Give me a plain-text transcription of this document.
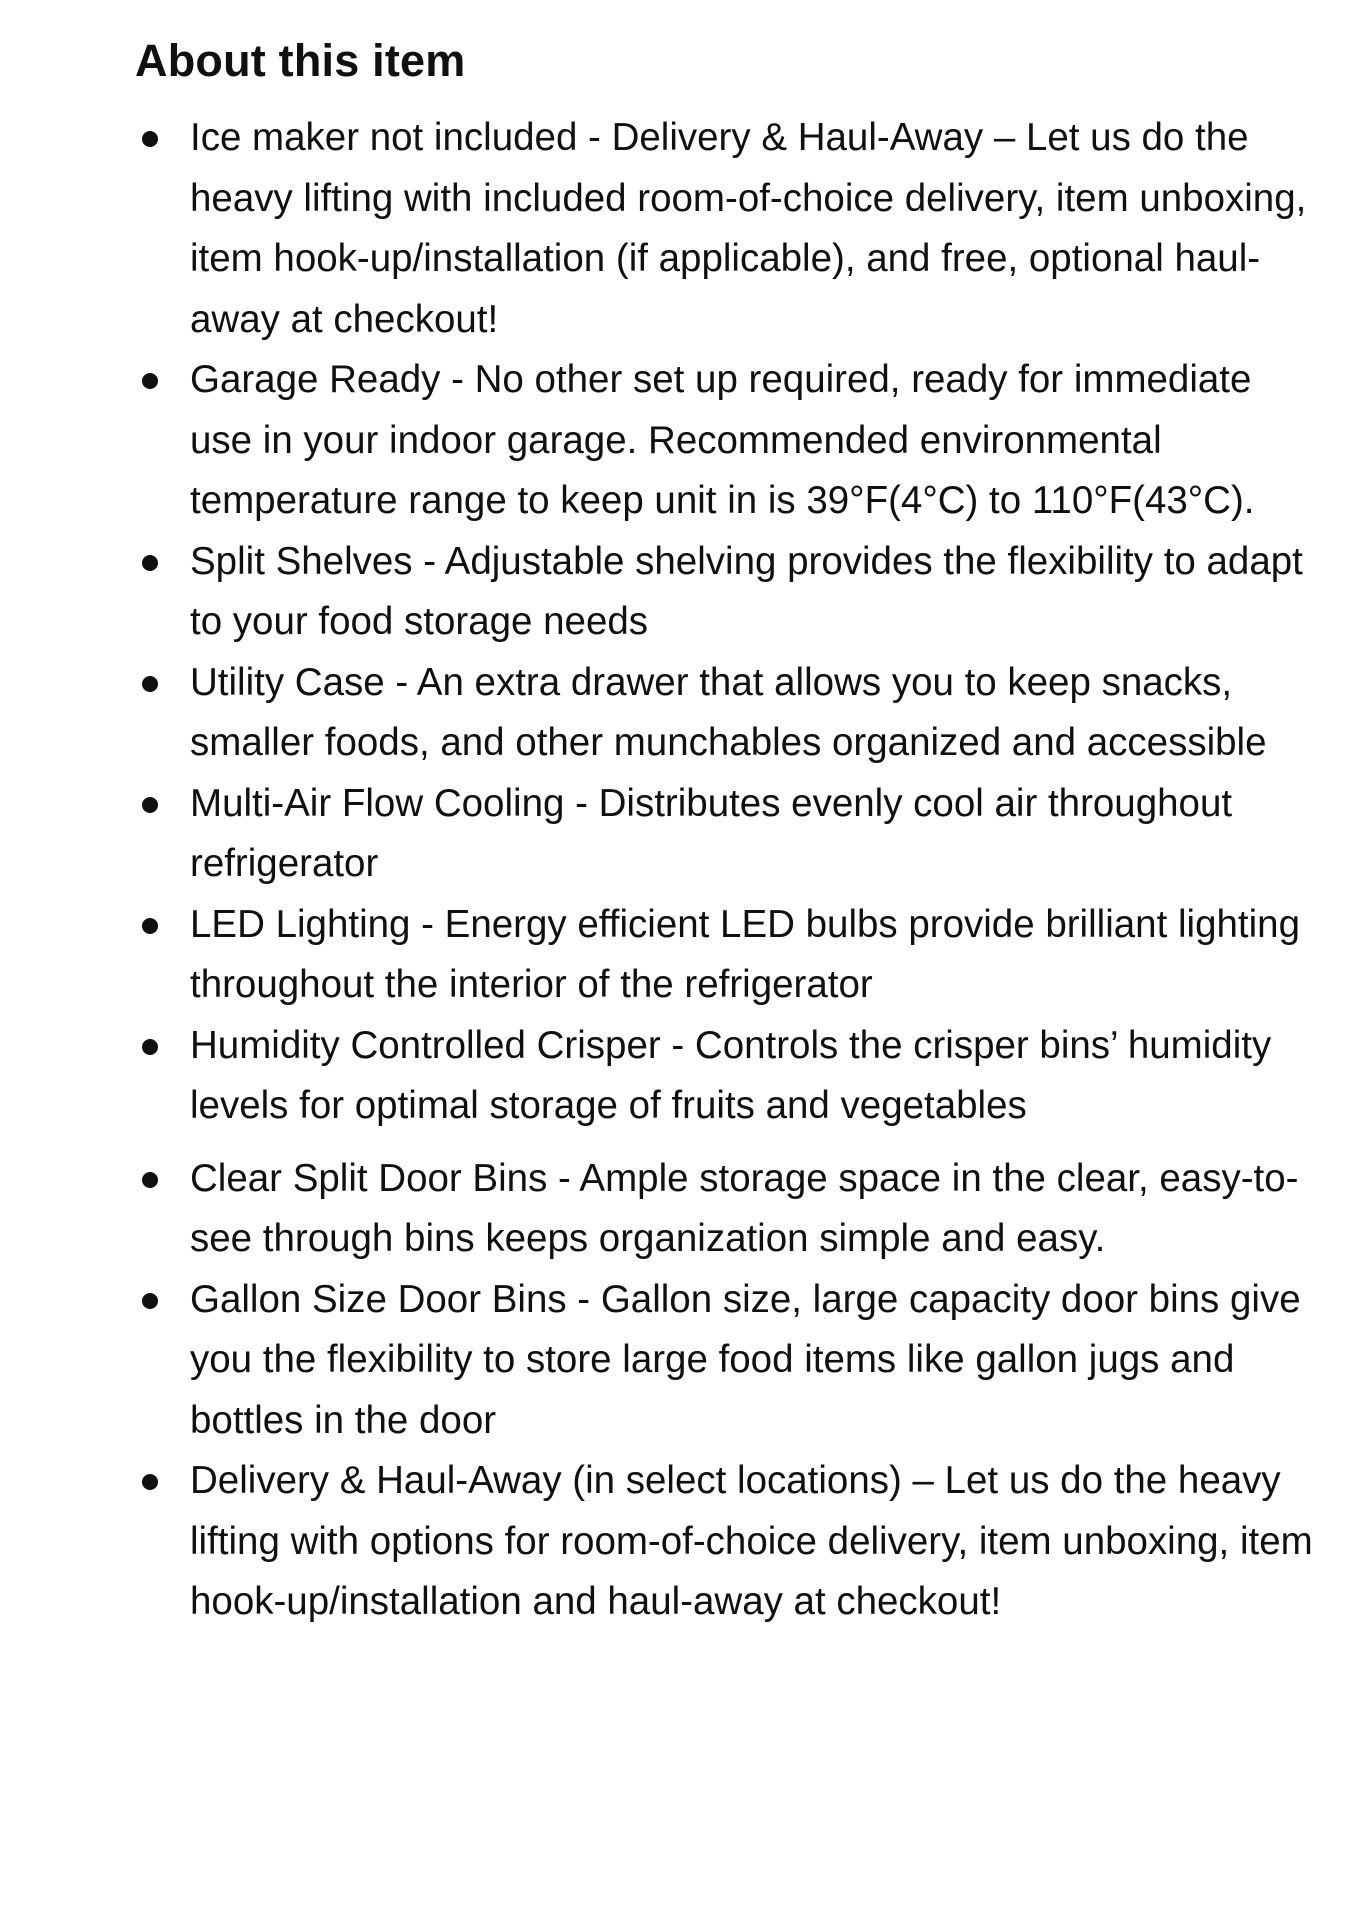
About this item
Ice maker not included - Delivery & Haul-Away – Let us do the heavy lifting with included room-of-choice delivery, item unboxing, item hook-up/installation (if applicable), and free, optional haul-away at checkout!
Garage Ready - No other set up required, ready for immediate use in your indoor garage. Recommended environmental temperature range to keep unit in is 39°F(4°C) to 110°F(43°C).
Split Shelves - Adjustable shelving provides the flexibility to adapt to your food storage needs
Utility Case - An extra drawer that allows you to keep snacks, smaller foods, and other munchables organized and accessible
Multi-Air Flow Cooling - Distributes evenly cool air throughout refrigerator
LED Lighting - Energy efficient LED bulbs provide brilliant lighting throughout the interior of the refrigerator
Humidity Controlled Crisper - Controls the crisper bins’ humidity levels for optimal storage of fruits and vegetables
Clear Split Door Bins - Ample storage space in the clear, easy-to-see through bins keeps organization simple and easy.
Gallon Size Door Bins - Gallon size, large capacity door bins give you the flexibility to store large food items like gallon jugs and bottles in the door
Delivery & Haul-Away (in select locations) – Let us do the heavy lifting with options for room-of-choice delivery, item unboxing, item hook-up/installation and haul-away at checkout!
